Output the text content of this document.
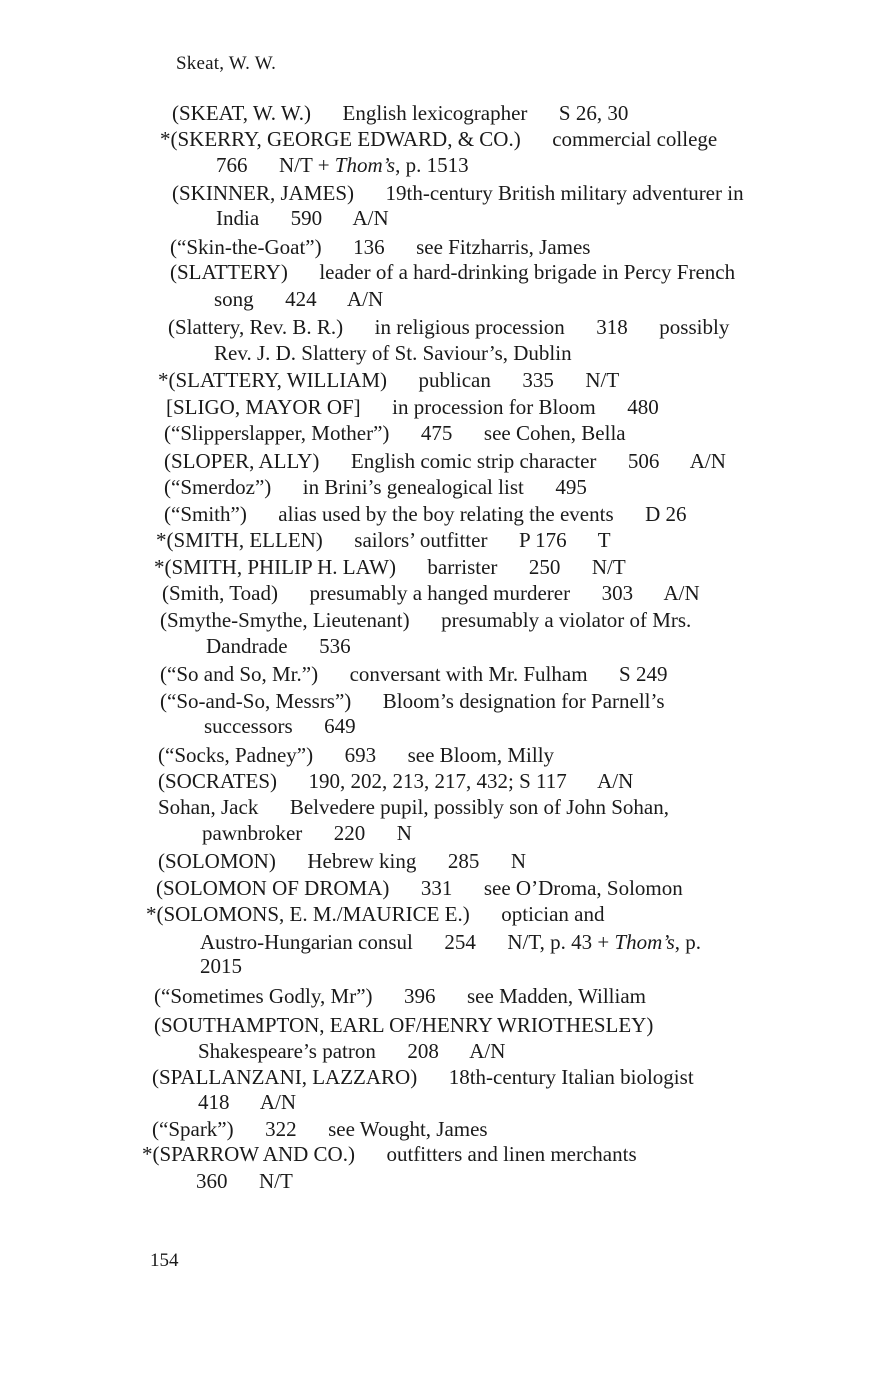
Skeat, W. W.
(SKEAT, W. W.)      English lexicographer      S 26, 30
*(SKERRY, GEORGE EDWARD, & CO.)      commercial college
766      N/T + Thom’s, p. 1513
(SKINNER, JAMES)      19th-century British military adventurer in
India      590      A/N
(“Skin-the-Goat”)      136      see Fitzharris, James
(SLATTERY)      leader of a hard-drinking brigade in Percy French
song      424      A/N
(Slattery, Rev. B. R.)      in religious procession      318      possibly
Rev. J. D. Slattery of St. Saviour’s, Dublin
*(SLATTERY, WILLIAM)      publican      335      N/T
[SLIGO, MAYOR OF]      in procession for Bloom      480
(“Slipperslapper, Mother”)      475      see Cohen, Bella
(SLOPER, ALLY)      English comic strip character      506      A/N
(“Smerdoz”)      in Brini’s genealogical list      495
(“Smith”)      alias used by the boy relating the events      D 26
*(SMITH, ELLEN)      sailors’ outfitter      P 176      T
*(SMITH, PHILIP H. LAW)      barrister      250      N/T
(Smith, Toad)      presumably a hanged murderer      303      A/N
(Smythe-Smythe, Lieutenant)      presumably a violator of Mrs.
Dandrade      536
(“So and So, Mr.”)      conversant with Mr. Fulham      S 249
(“So-and-So, Messrs”)      Bloom’s designation for Parnell’s
successors      649
(“Socks, Padney”)      693      see Bloom, Milly
(SOCRATES)      190, 202, 213, 217, 432; S 117      A/N
Sohan, Jack      Belvedere pupil, possibly son of John Sohan,
pawnbroker      220      N
(SOLOMON)      Hebrew king      285      N
(SOLOMON OF DROMA)      331      see O’Droma, Solomon
*(SOLOMONS, E. M./MAURICE E.)      optician and
Austro-Hungarian consul      254      N/T, p. 43 + Thom’s, p.
2015
(“Sometimes Godly, Mr”)      396      see Madden, William
(SOUTHAMPTON, EARL OF/HENRY WRIOTHESLEY)
Shakespeare’s patron      208      A/N
(SPALLANZANI, LAZZARO)      18th-century Italian biologist
418      A/N
(“Spark”)      322      see Wought, James
*(SPARROW AND CO.)      outfitters and linen merchants
360      N/T
154
